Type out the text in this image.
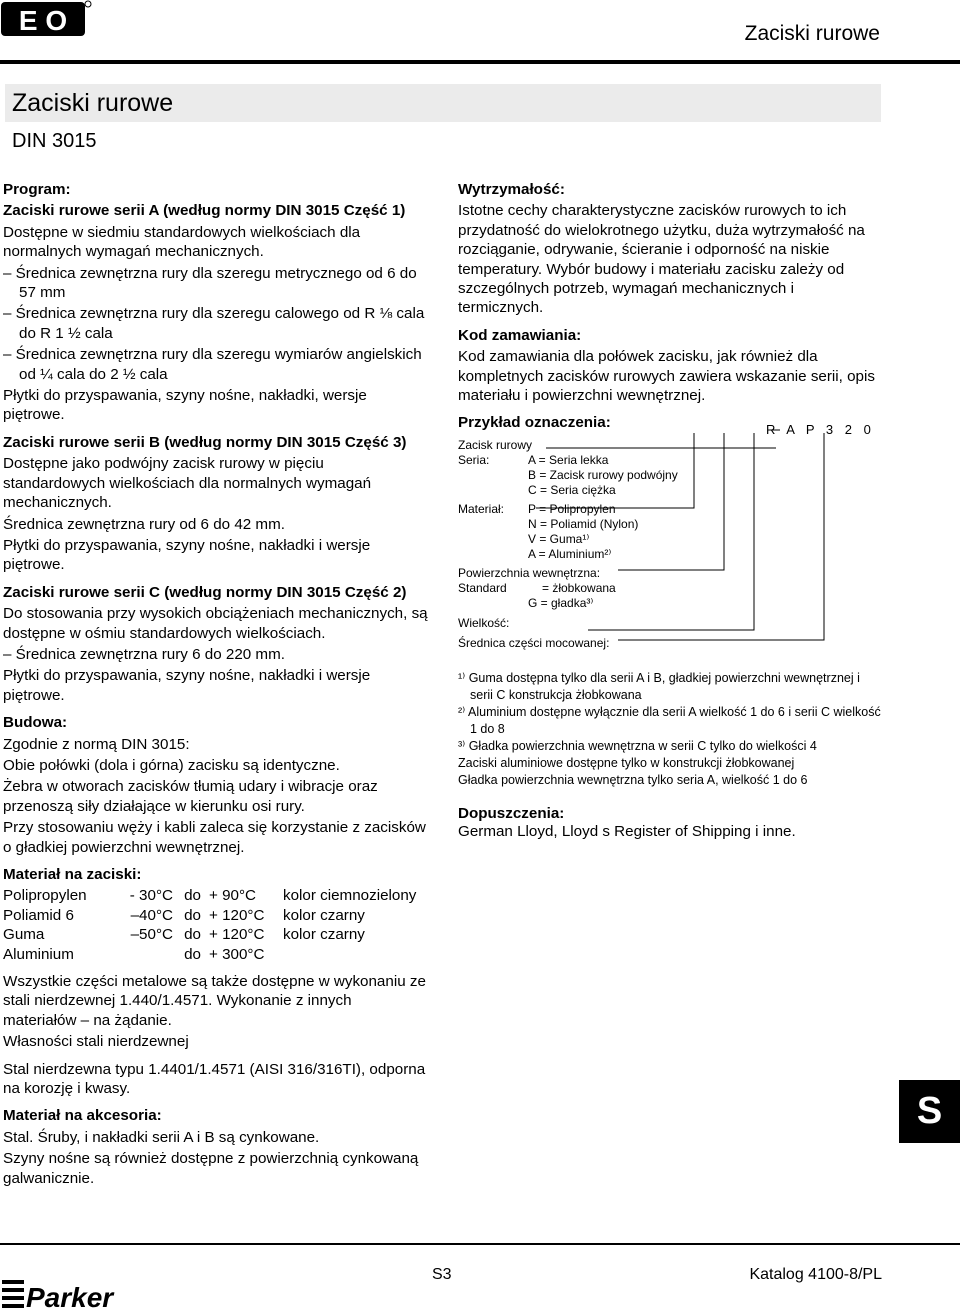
E O	Zaciski rurowe
Zaciski rurowe
DIN 3015

Program:

Zaciski rurowe serii A (według normy DIN 3015 Część 1)

Dostępne w siedmiu standardowych wielkościach dla normalnych wymagań mechanicznych.

– Średnica zewnętrzna rury dla szeregu metrycznego od 6 do 57 mm

– Średnica zewnętrzna rury dla szeregu calowego od R ⅛ cala do R 1 ½ cala

– Średnica zewnętrzna rury dla szeregu wymiarów angielskich od ¼ cala do 2 ½ cala

Płytki do przyspawania, szyny nośne, nakładki, wersje piętrowe.

Zaciski rurowe serii B (według normy DIN 3015 Część 3)

Dostępne jako podwójny zacisk rurowy w pięciu standardowych wielkościach dla normalnych wymagań mechanicznych.

Średnica zewnętrzna rury od 6 do 42 mm.

Płytki do przyspawania, szyny nośne, nakładki i wersje piętrowe.

Zaciski rurowe serii C (według normy DIN 3015 Część 2)

Do stosowania przy wysokich obciążeniach mechanicznych, są dostępne w ośmiu standardowych wielkościach.

– Średnica zewnętrzna rury 6 do 220 mm.

Płytki do przyspawania, szyny nośne, nakładki i wersje piętrowe.

Budowa:

Zgodnie z normą DIN 3015:

Obie połówki (dola i górna) zacisku są identyczne.

Żebra w otworach zacisków tłumią udary i wibracje oraz przenoszą siły działające w kierunku osi rury.

Przy stosowaniu węży i kabli zaleca się korzystanie z zacisków o gładkiej powierzchni wewnętrznej.

Materiał na zaciski:

Polipropylen	- 30°C	do	+ 90°C	kolor ciemnozielony
Poliamid 6	–40°C	do	+ 120°C	kolor czarny
Guma	–50°C	do	+ 120°C	kolor czarny
Aluminium		do	+ 300°C	

Wszystkie części metalowe są także dostępne w wykonaniu ze stali nierdzewnej 1.440/1.4571. Wykonanie z innych materiałów – na żądanie.

Własności stali nierdzewnej

Stal nierdzewna typu 1.4401/1.4571 (AISI 316/316TI), odporna na korozję i kwasy.

Materiał na akcesoria:

Stal. Śruby, i nakładki serii A i B są cynkowane.

Szyny nośne są również dostępne z powierzchnią cynkowaną galwanicznie.

Wytrzymałość:

Istotne cechy charakterystyczne zacisków rurowych to ich przydatność do wielokrotnego użytku, duża wytrzymałość na rozciąganie, odrywanie, ścieranie i odporność na niskie temperatury. Wybór budowy i materiału zacisku zależy od szczególnych potrzeb, wymagań mechanicznych i termicznych.

Kod zamawiania:

Kod zamawiania dla połówek zacisku, jak również dla kompletnych zacisków rurowych zawiera wskazanie serii, opis materiału i powierzchni wewnętrznej.

Przykład oznaczenia:	R A P 3 2 0
Zacisk rurowy
Seria:	A = Seria lekka
B = Zacisk rurowy podwójny
C = Seria ciężka
Materiał: P = Polipropylen
N = Poliamid (Nylon)
V = Guma¹⁾
A = Aluminium²⁾
Powierzchnia wewnętrzna:
Standard	= żłobkowana
G = gładka³⁾
Wielkość:
Średnica części mocowanej:

¹⁾ Guma dostępna tylko dla serii A i B, gładkiej powierzchni wewnętrznej i serii C konstrukcja żłobkowana

²⁾ Aluminium dostępne wyłącznie dla serii A wielkość 1 do 6 i serii C wielkość 1 do 8

³⁾ Gładka powierzchnia wewnętrzna w serii C tylko do wielkości 4

Zaciski aluminiowe dostępne tylko w konstrukcji żłobkowanej

Gładka powierzchnia wewnętrzna tylko seria A, wielkość 1 do 6

Dopuszczenia:

German Lloyd, Lloyd s Register of Shipping i inne.

S
S3	Katalog 4100-8/PL
Parker
